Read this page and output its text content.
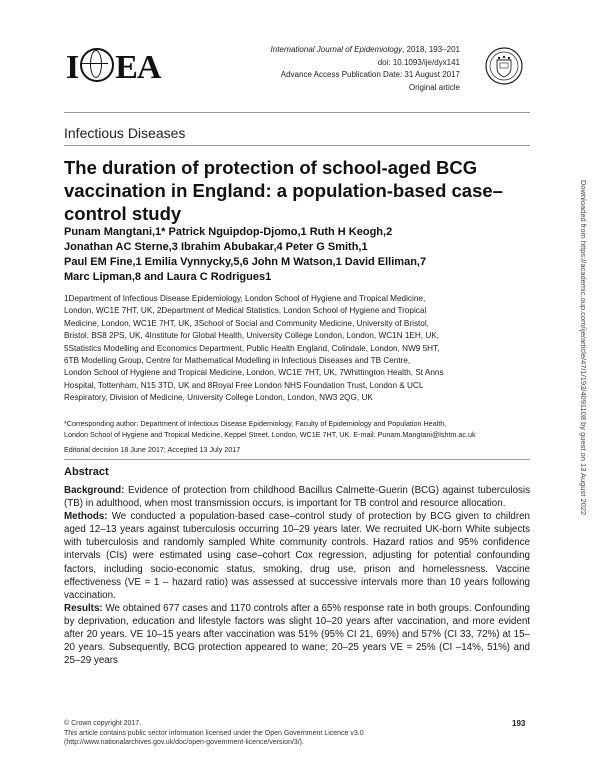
I EA	International Journal of Epidemiology, 2018, 193–201
doi: 10.1093/ije/dyx141
Advance Access Publication Date: 31 August 2017
Original article
Infectious Diseases
The duration of protection of school-aged BCG vaccination in England: a population-based case–control study
Punam Mangtani,1* Patrick Nguipdop-Djomo,1 Ruth H Keogh,2
Jonathan AC Sterne,3 Ibrahim Abubakar,4 Peter G Smith,1
Paul EM Fine,1 Emilia Vynnycky,5,6 John M Watson,1 David Elliman,7
Marc Lipman,8 and Laura C Rodrigues1
1Department of Infectious Disease Epidemiology, London School of Hygiene and Tropical Medicine,
London, WC1E 7HT, UK, 2Department of Medical Statistics, London School of Hygiene and Tropical
Medicine, London, WC1E 7HT, UK, 3School of Social and Community Medicine, University of Bristol,
Bristol, BS8 2PS, UK, 4Institute for Global Health, University College London, London, WC1N 1EH, UK,
5Statistics Modelling and Economics Department, Public Health England, Colindale, London, NW9 5HT,
6TB Modelling Group, Centre for Mathematical Modelling in Infectious Diseases and TB Centre,
London School of Hygiene and Tropical Medicine, London, WC1E 7HT, UK, 7Whittington Health, St Anns
Hospital, Tottenham, N15 3TD, UK and 8Royal Free London NHS Foundation Trust, London & UCL
Respiratory, Division of Medicine, University College London, London, NW3 2QG, UK
*Corresponding author: Department of Infectious Disease Epidemiology, Faculty of Epidemiology and Population Health,
London School of Hygiene and Tropical Medicine, Keppel Street, London, WC1E 7HT, UK. E-mail: Punam.Mangtani@lshtm.ac.uk
Editorial decision 18 June 2017; Accepted 13 July 2017
Abstract

Background: Evidence of protection from childhood Bacillus Calmette-Guerin (BCG) against tuberculosis (TB) in adulthood, when most transmission occurs, is important for TB control and resource allocation.

Methods: We conducted a population-based case–control study of protection by BCG given to children aged 12–13 years against tuberculosis occurring 10–29 years later. We recruited UK-born White subjects with tuberculosis and randomly sampled White community controls. Hazard ratios and 95% confidence intervals (CIs) were estimated using case–cohort Cox regression, adjusting for potential confounding factors, including socio-economic status, smoking, drug use, prison and homelessness. Vaccine effectiveness (VE = 1 – hazard ratio) was assessed at successive intervals more than 10 years following vaccination.

Results: We obtained 677 cases and 1170 controls after a 65% response rate in both groups. Confounding by deprivation, education and lifestyle factors was slight 10–20 years after vaccination, and more evident after 20 years. VE 10–15 years after vaccination was 51% (95% CI 21, 69%) and 57% (CI 33, 72%) at 15–20 years. Subsequently, BCG protection appeared to wane; 20–25 years VE = 25% (CI –14%, 51%) and 25–29 years

© Crown copyright 2017.
This article contains public sector information licensed under the Open Government Licence v3.0
(http://www.nationalarchives.gov.uk/doc/open-government-licence/version/3/).
193
Downloaded from https://academic.oup.com/ije/article/47/1/193/4091108 by guest on 13 August 2022
